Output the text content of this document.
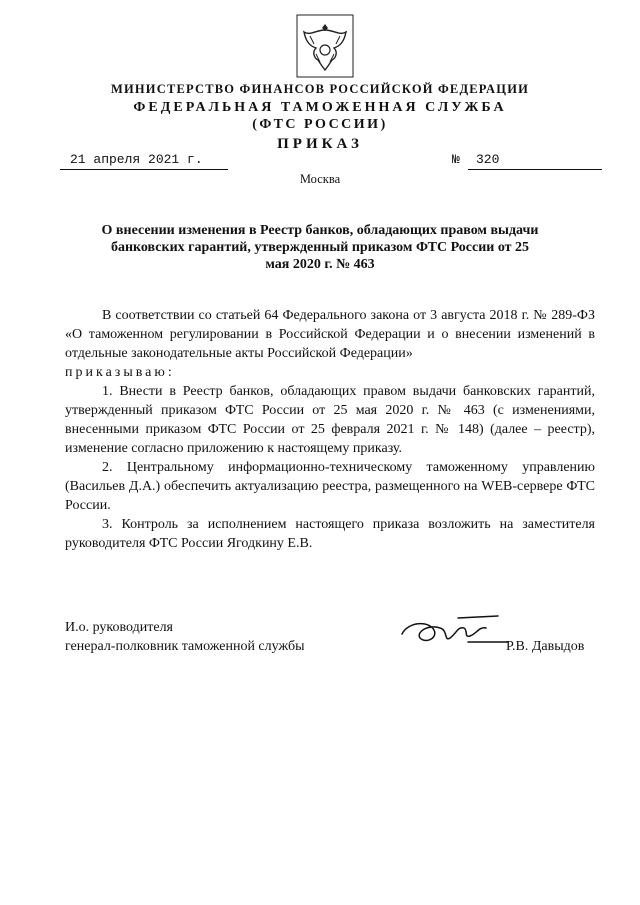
МИНИСТЕРСТВО ФИНАНСОВ РОССИЙСКОЙ ФЕДЕРАЦИИ
ФЕДЕРАЛЬНАЯ ТАМОЖЕННАЯ СЛУЖБА
(ФТС РОССИИ)
ПРИКАЗ
21 апреля 2021 г.	№	320
Москва
О внесении изменения в Реестр банков, обладающих правом выдачи банковских гарантий, утвержденный приказом ФТС России от 25 мая 2020 г. № 463

В соответствии со статьей 64 Федерального закона от 3 августа 2018 г. № 289-ФЗ «О таможенном регулировании в Российской Федерации и о внесении изменений в отдельные законодательные акты Российской Федерации»

приказываю:

1. Внести в Реестр банков, обладающих правом выдачи банковских гарантий, утвержденный приказом ФТС России от 25 мая 2020 г. № 463 (с изменениями, внесенными приказом ФТС России от 25 февраля 2021 г. № 148) (далее – реестр), изменение согласно приложению к настоящему приказу.

2. Центральному информационно-техническому таможенному управлению (Васильев Д.А.) обеспечить актуализацию реестра, размещенного на WEB-сервере ФТС России.

3. Контроль за исполнением настоящего приказа возложить на заместителя руководителя ФТС России Ягодкину Е.В.

И.о. руководителя
генерал-полковник таможенной службы	Р.В. Давыдов
